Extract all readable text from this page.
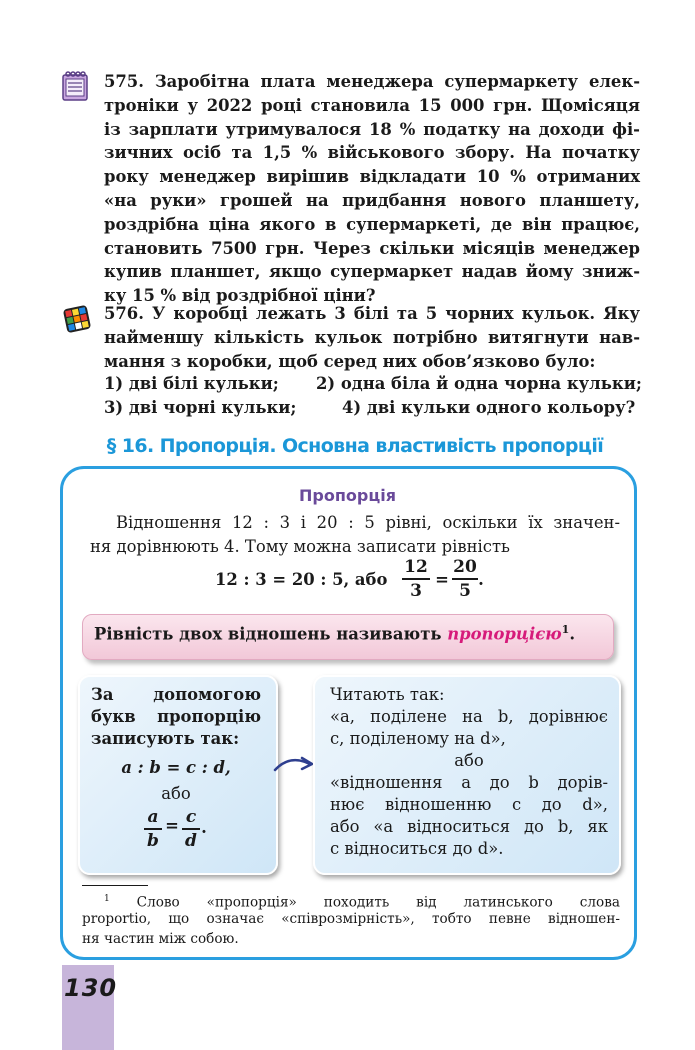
130
575. Заробітна плата менеджера супермаркету елек-
троніки у 2022 році становила 15 000 грн. Щомісяця
із зарплати утримувалося 18 % податку на доходи фі-
зичних осіб та 1,5 % військового збору. На початку
року менеджер вирішив відкладати 10 % отриманих
«на руки» грошей на придбання нового планшету,
роздрібна ціна якого в супермаркеті, де він працює,
становить 7500 грн. Через скільки місяців менеджер
купив планшет, якщо супермаркет надав йому зниж-
ку 15 % від роздрібної ціни?
576. У коробці лежать 3 білі та 5 чорних кульок. Яку
найменшу кількість кульок потрібно витягнути нав-
мання з коробки, щоб серед них обов’язково було:
1) дві білі кульки; 2) одна біла й одна чорна кульки;
3) дві чорні кульки;	4) дві кульки одного кольору?
§ 16. Пропорція. Основна властивість пропорції
Пропорція
Відношення 12 : 3 і 20 : 5 рівні, оскільки їх значен-
ня дорівнюють 4. Тому можна записати рівність
12 : 3 = 20 : 5, або
12
3
=
20
5
.
Рівність двох відношень називають пропорцією$^1$.
За допомогою
букв пропорцію
записують так:
a : b = c : d,
або
a
b
= c
d
.
Читають так:
«a, поділене на b, дорівнює
c, поділеному на d»,
або
«відношення a до b дорів-
нює відношенню c до d»,
або «a відноситься до b, як
c відноситься до d».
$^1$ Слово «пропорція» походить від латинського слова
proportio, що означає «співрозмірність», тобто певне відношен-
ня частин між собою.
